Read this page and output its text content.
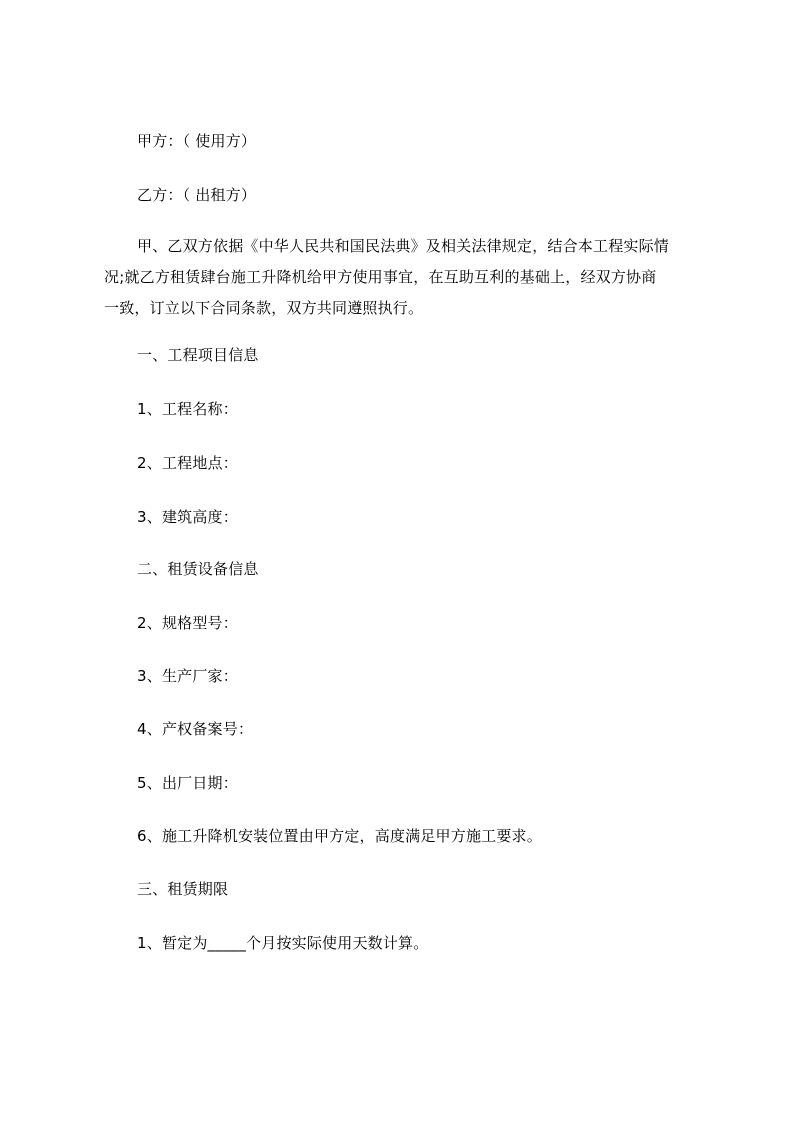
甲方：（ 使用方）
乙方：（ 出租方）
甲、乙双方依据《中华人民共和国民法典》及相关法律规定，结合本工程实际情
况;就乙方租赁肆台施工升降机给甲方使用事宜，在互助互利的基础上，经双方协商
一致，订立以下合同条款，双方共同遵照执行。
一、工程项目信息
1、工程名称：
2、工程地点：
3、建筑高度：
二、租赁设备信息
2、规格型号：
3、生产厂家：
4、产权备案号：
5、出厂日期：
6、施工升降机安装位置由甲方定，高度满足甲方施工要求。
三、租赁期限
1、暂定为_____个月按实际使用天数计算。
